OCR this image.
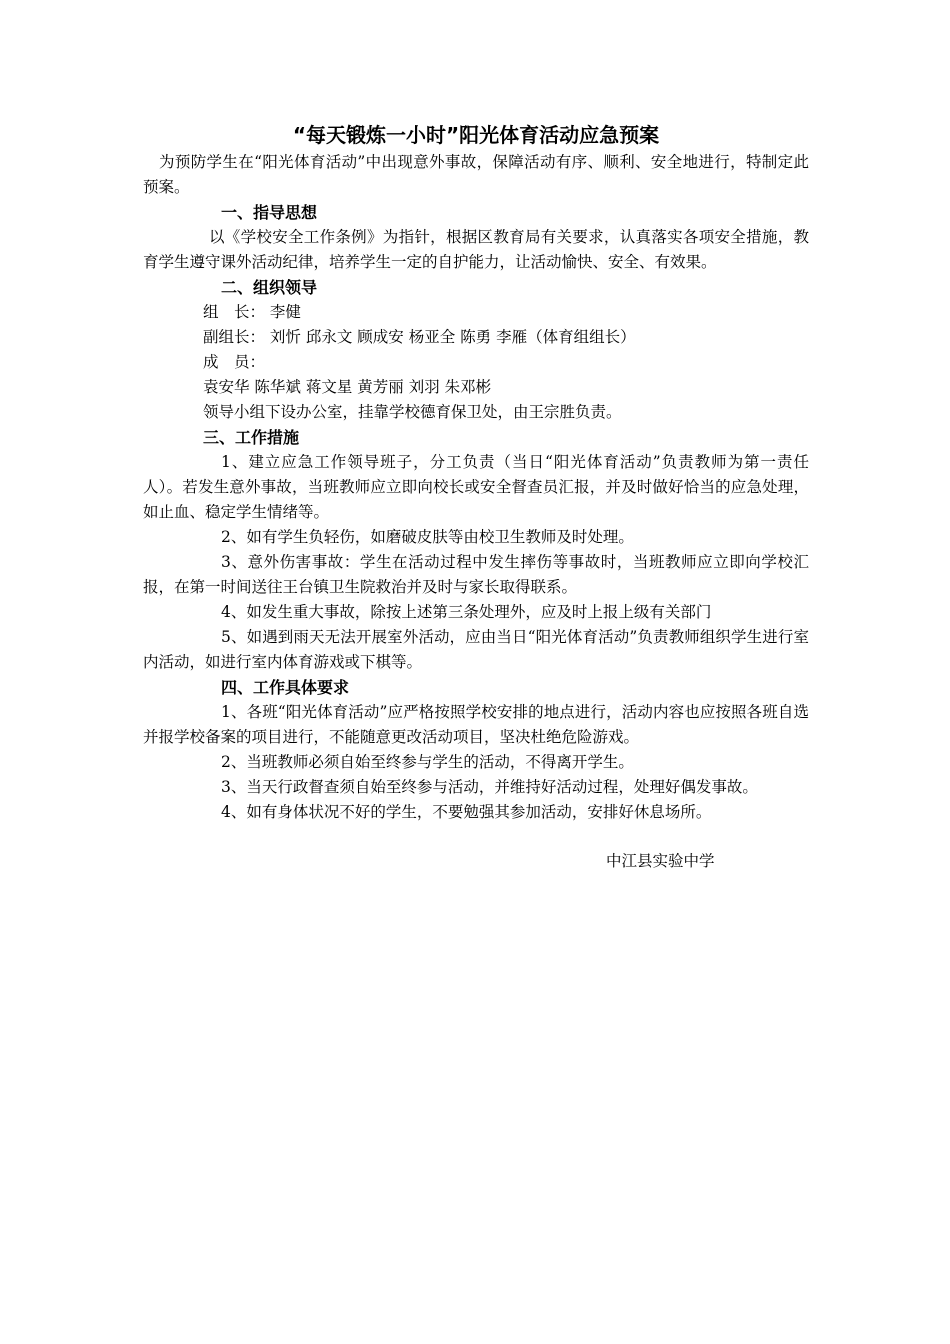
“每天锻炼一小时”阳光体育活动应急预案

为预防学生在“阳光体育活动”中出现意外事故，保障活动有序、顺利、安全地进行，特制定此预案。

一、指导思想

以《学校安全工作条例》为指针，根据区教育局有关要求，认真落实各项安全措施，教育学生遵守课外活动纪律，培养学生一定的自护能力，让活动愉快、安全、有效果。

二、组织领导

组　长： 李健

副组长： 刘忻 邱永文 顾成安 杨亚全 陈勇 李雁（体育组组长）

成　员：

袁安华 陈华斌 蒋文星 黄芳丽 刘羽 朱邓彬

领导小组下设办公室，挂靠学校德育保卫处，由王宗胜负责。

三、工作措施

1、建立应急工作领导班子，分工负责（当日“阳光体育活动”负责教师为第一责任人）。若发生意外事故，当班教师应立即向校长或安全督查员汇报，并及时做好恰当的应急处理，如止血、稳定学生情绪等。

2、如有学生负轻伤，如磨破皮肤等由校卫生教师及时处理。

3、意外伤害事故：学生在活动过程中发生摔伤等事故时，当班教师应立即向学校汇报，在第一时间送往王台镇卫生院救治并及时与家长取得联系。

4、如发生重大事故，除按上述第三条处理外，应及时上报上级有关部门

5、如遇到雨天无法开展室外活动，应由当日“阳光体育活动”负责教师组织学生进行室内活动，如进行室内体育游戏或下棋等。

四、工作具体要求

1、各班“阳光体育活动”应严格按照学校安排的地点进行，活动内容也应按照各班自选并报学校备案的项目进行，不能随意更改活动项目，坚决杜绝危险游戏。

2、当班教师必须自始至终参与学生的活动，不得离开学生。

3、当天行政督查须自始至终参与活动，并维持好活动过程，处理好偶发事故。

4、如有身体状况不好的学生，不要勉强其参加活动，安排好休息场所。

中江县实验中学
